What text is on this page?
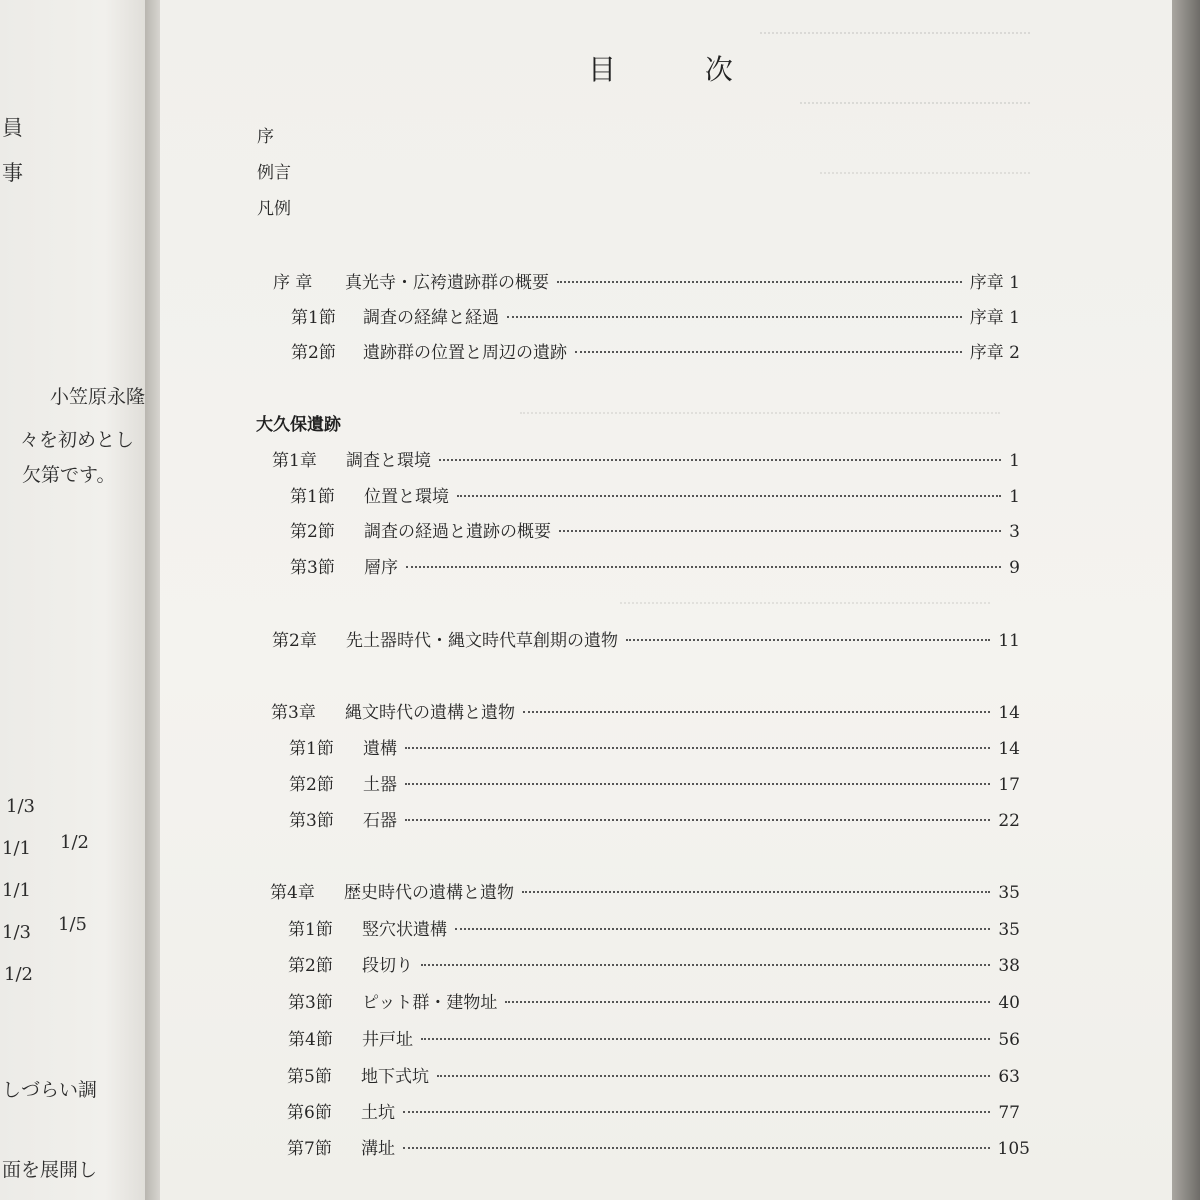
員
事
小笠原永隆
々を初めとし
欠第です。
1/3
1/1 1/2
1/1
1/3 1/5
1/2
しづらい調
面を展開し
目 次
序
例言
凡例
序 章	真光寺・広袴遺跡群の概要	序章 1
第1節	調査の経緯と経過	序章 1
第2節	遺跡群の位置と周辺の遺跡	序章 2
大久保遺跡
第1章	調査と環境	1
第1節	位置と環境	1
第2節	調査の経過と遺跡の概要	3
第3節	層序	9
第2章	先土器時代・縄文時代草創期の遺物	11
第3章	縄文時代の遺構と遺物	14
第1節	遺構	14
第2節	土器	17
第3節	石器	22
第4章	歴史時代の遺構と遺物	35
第1節	竪穴状遺構	35
第2節	段切り	38
第3節	ピット群・建物址	40
第4節	井戸址	56
第5節	地下式坑	63
第6節	土坑	77
第7節	溝址	105
